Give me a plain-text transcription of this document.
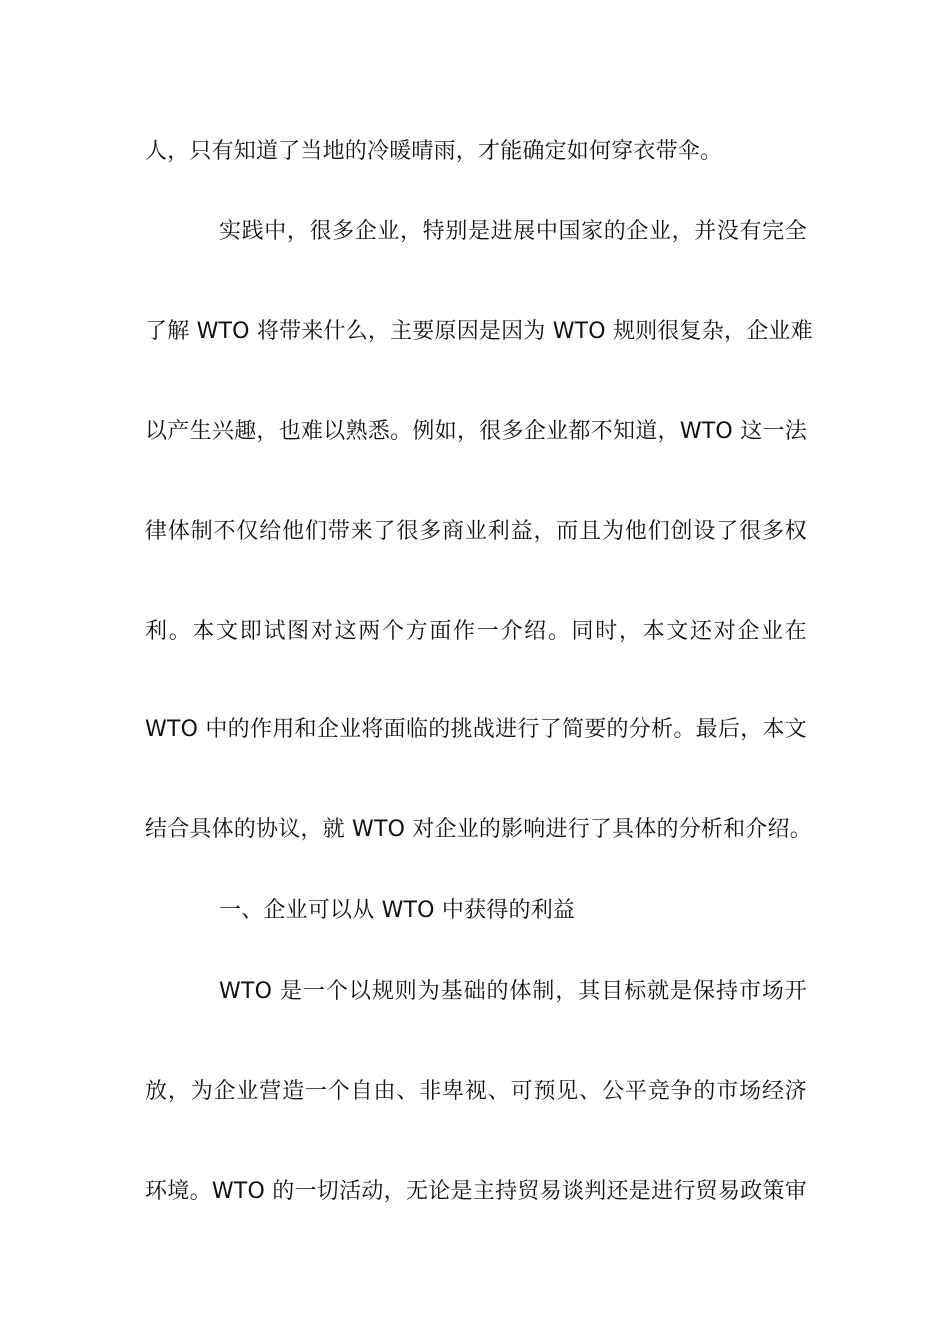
人，只有知道了当地的冷暖晴雨，才能确定如何穿衣带伞。
实践中，很多企业，特别是进展中国家的企业，并没有完全
了解 WTO 将带来什么，主要原因是因为 WTO 规则很复杂，企业难
以产生兴趣，也难以熟悉。例如，很多企业都不知道，WTO 这一法
律体制不仅给他们带来了很多商业利益，而且为他们创设了很多权
利。本文即试图对这两个方面作一介绍。同时，本文还对企业在
WTO 中的作用和企业将面临的挑战进行了简要的分析。最后，本文
结合具体的协议，就 WTO 对企业的影响进行了具体的分析和介绍。
一、企业可以从 WTO 中获得的利益
WTO 是一个以规则为基础的体制，其目标就是保持市场开
放，为企业营造一个自由、非卑视、可预见、公平竞争的市场经济
环境。WTO 的一切活动，无论是主持贸易谈判还是进行贸易政策审
